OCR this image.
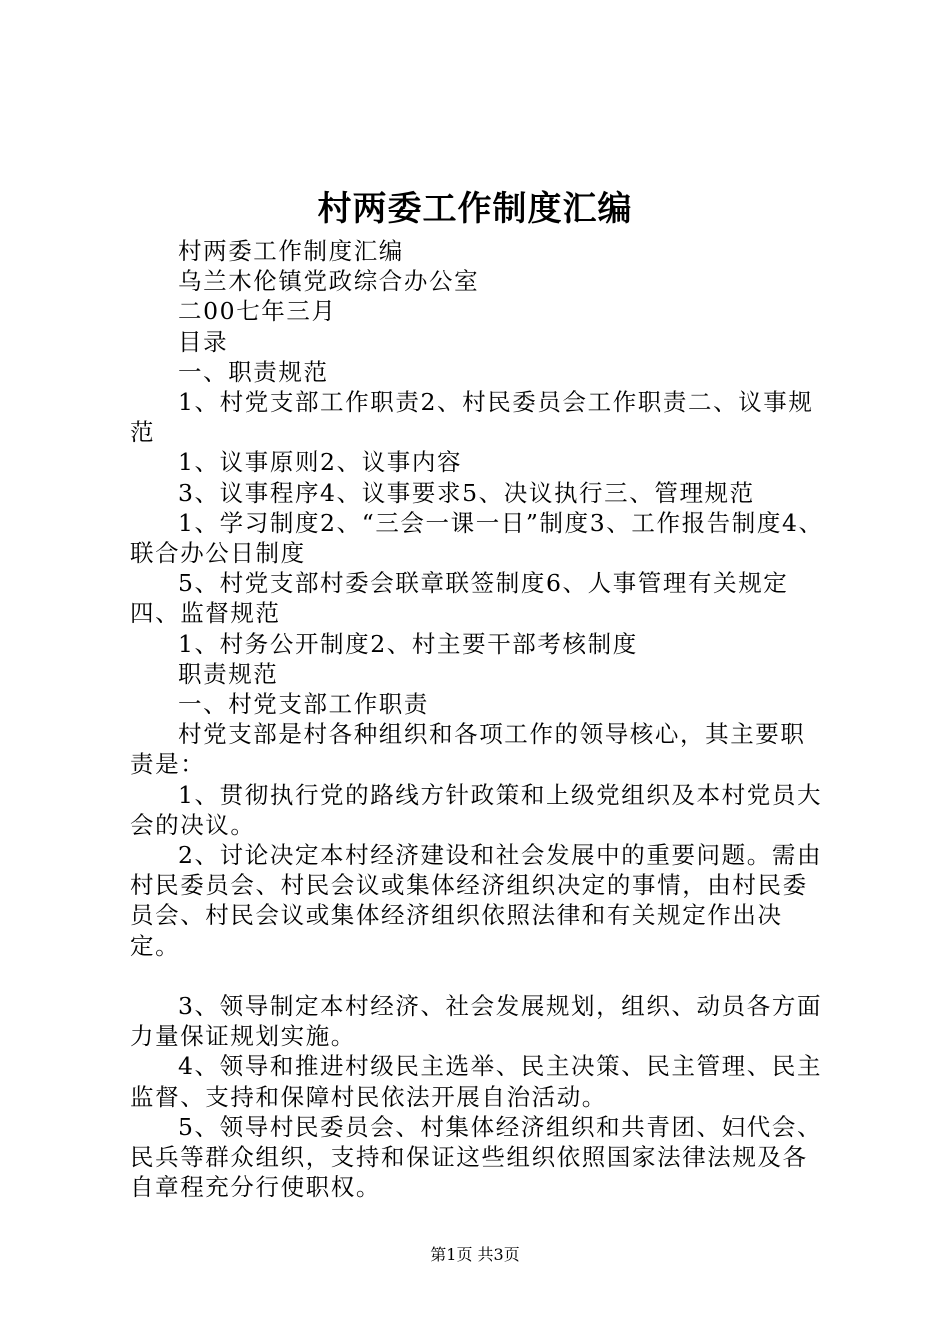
村两委工作制度汇编

村两委工作制度汇编

乌兰木伦镇党政综合办公室

二00七年三月

目录

一、职责规范

1、村党支部工作职责2、村民委员会工作职责二、议事规范

1、议事原则2、议事内容

3、议事程序4、议事要求5、决议执行三、管理规范

1、学习制度2、“三会一课一日”制度3、工作报告制度4、联合办公日制度

5、村党支部村委会联章联签制度6、人事管理有关规定四、监督规范

1、村务公开制度2、村主要干部考核制度

职责规范

一、村党支部工作职责

村党支部是村各种组织和各项工作的领导核心，其主要职责是：

1、贯彻执行党的路线方针政策和上级党组织及本村党员大会的决议。

2、讨论决定本村经济建设和社会发展中的重要问题。需由村民委员会、村民会议或集体经济组织决定的事情，由村民委员会、村民会议或集体经济组织依照法律和有关规定作出决定。

3、领导制定本村经济、社会发展规划，组织、动员各方面力量保证规划实施。

4、领导和推进村级民主选举、民主决策、民主管理、民主监督、支持和保障村民依法开展自治活动。

5、领导村民委员会、村集体经济组织和共青团、妇代会、民兵等群众组织，支持和保证这些组织依照国家法律法规及各自章程充分行使职权。

第1页 共3页
